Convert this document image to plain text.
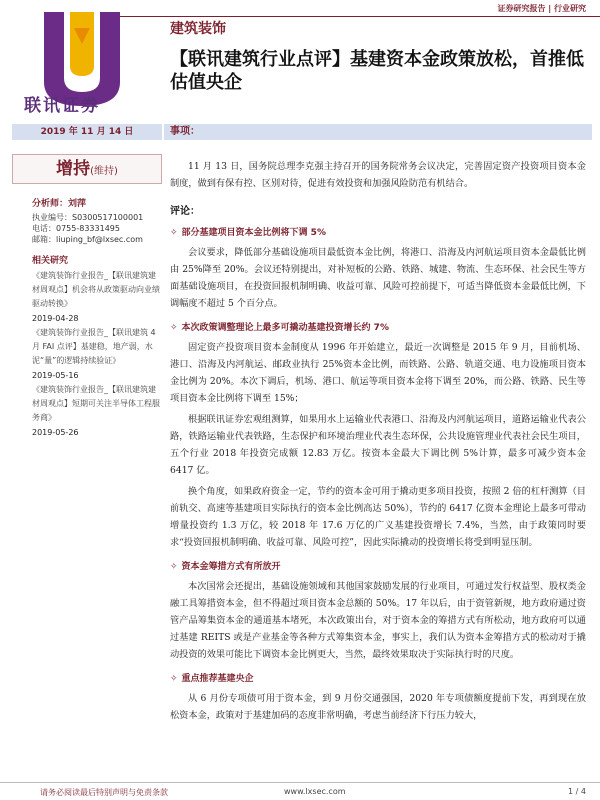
证券研究报告 | 行业研究
联讯证券
建筑装饰
【联讯建筑行业点评】基建资本金政策放松，首推低估值央企
2019 年 11 月 14 日	事项：
增持(维持)
分析师：刘萍
执业编号：S0300517100001
电话：0755-83331495
邮箱：liuping_bf@lxsec.com
相关研究
《建筑装饰行业报告_【联讯建筑建材周观点】机会将从政策驱动向业绩驱动转换》
2019-04-28
《建筑装饰行业报告_【联讯建筑 4 月 FAI 点评】基建稳，地产弱，水泥“量”的逻辑持续验证》
2019-05-16
《建筑装饰行业报告_【联讯建筑建材周观点】短期可关注半导体工程服务商》
2019-05-26
11 月 13 日，国务院总理李克强主持召开的国务院常务会议决定，完善固定资产投资项目资本金制度，做到有保有控、区别对待，促进有效投资和加强风险防范有机结合。
评论：
✧ 部分基建项目资本金比例将下调 5%
会议要求，降低部分基础设施项目最低资本金比例，将港口、沿海及内河航运项目资本金最低比例由 25%降至 20%。会议还特别提出，对补短板的公路、铁路、城建、物流、生态环保、社会民生等方面基础设施项目，在投资回报机制明确、收益可靠、风险可控前提下，可适当降低资本金最低比例，下调幅度不超过 5 个百分点。
✧ 本次政策调整理论上最多可撬动基建投资增长约 7%
固定资产投资项目资本金制度从 1996 年开始建立，最近一次调整是 2015 年 9 月，目前机场、港口、沿海及内河航运、邮政业执行 25%资本金比例，而铁路、公路、轨道交通、电力设施项目资本金比例为 20%。本次下调后，机场、港口、航运等项目资本金将下调至 20%，而公路、铁路、民生等项目资本金比例将下调至 15%；
根据联讯证券宏观组测算，如果用水上运输业代表港口、沿海及内河航运项目，道路运输业代表公路，铁路运输业代表铁路，生态保护和环境治理业代表生态环保，公共设施管理业代表社会民生项目，五个行业 2018 年投资完成额 12.83 万亿。按资本金最大下调比例 5%计算，最多可减少资本金 6417 亿。
换个角度，如果政府资金一定，节约的资本金可用于撬动更多项目投资，按照 2 倍的杠杆测算（目前轨交、高速等基建项目实际执行的资本金比例高达 50%），节约的 6417 亿资本金理论上最多可带动增量投资约 1.3 万亿，较 2018 年 17.6 万亿的广义基建投资增长 7.4%，当然，由于政策同时要求“投资回报机制明确、收益可靠、风险可控”，因此实际撬动的投资增长将受到明显压制。
✧ 资本金筹措方式有所放开
本次国常会还提出，基础设施领域和其他国家鼓励发展的行业项目，可通过发行权益型、股权类金融工具筹措资本金，但不得超过项目资本金总额的 50%。17 年以后，由于资管新规，地方政府通过资管产品筹集资本金的通道基本堵死，本次政策出台，对于资本金的筹措方式有所松动，地方政府可以通过基建 REITS 或是产业基金等各种方式筹集资本金，事实上，我们认为资本金筹措方式的松动对于撬动投资的效果可能比下调资本金比例更大，当然，最终效果取决于实际执行时的尺度。
✧ 重点推荐基建央企
从 6 月份专项债可用于资本金，到 9 月份交通强国，2020 年专项债额度提前下发，再到现在放松资本金，政策对于基建加码的态度非常明确，考虑当前经济下行压力较大，
请务必阅读最后特别声明与免责条款	www.lxsec.com	1 / 4
